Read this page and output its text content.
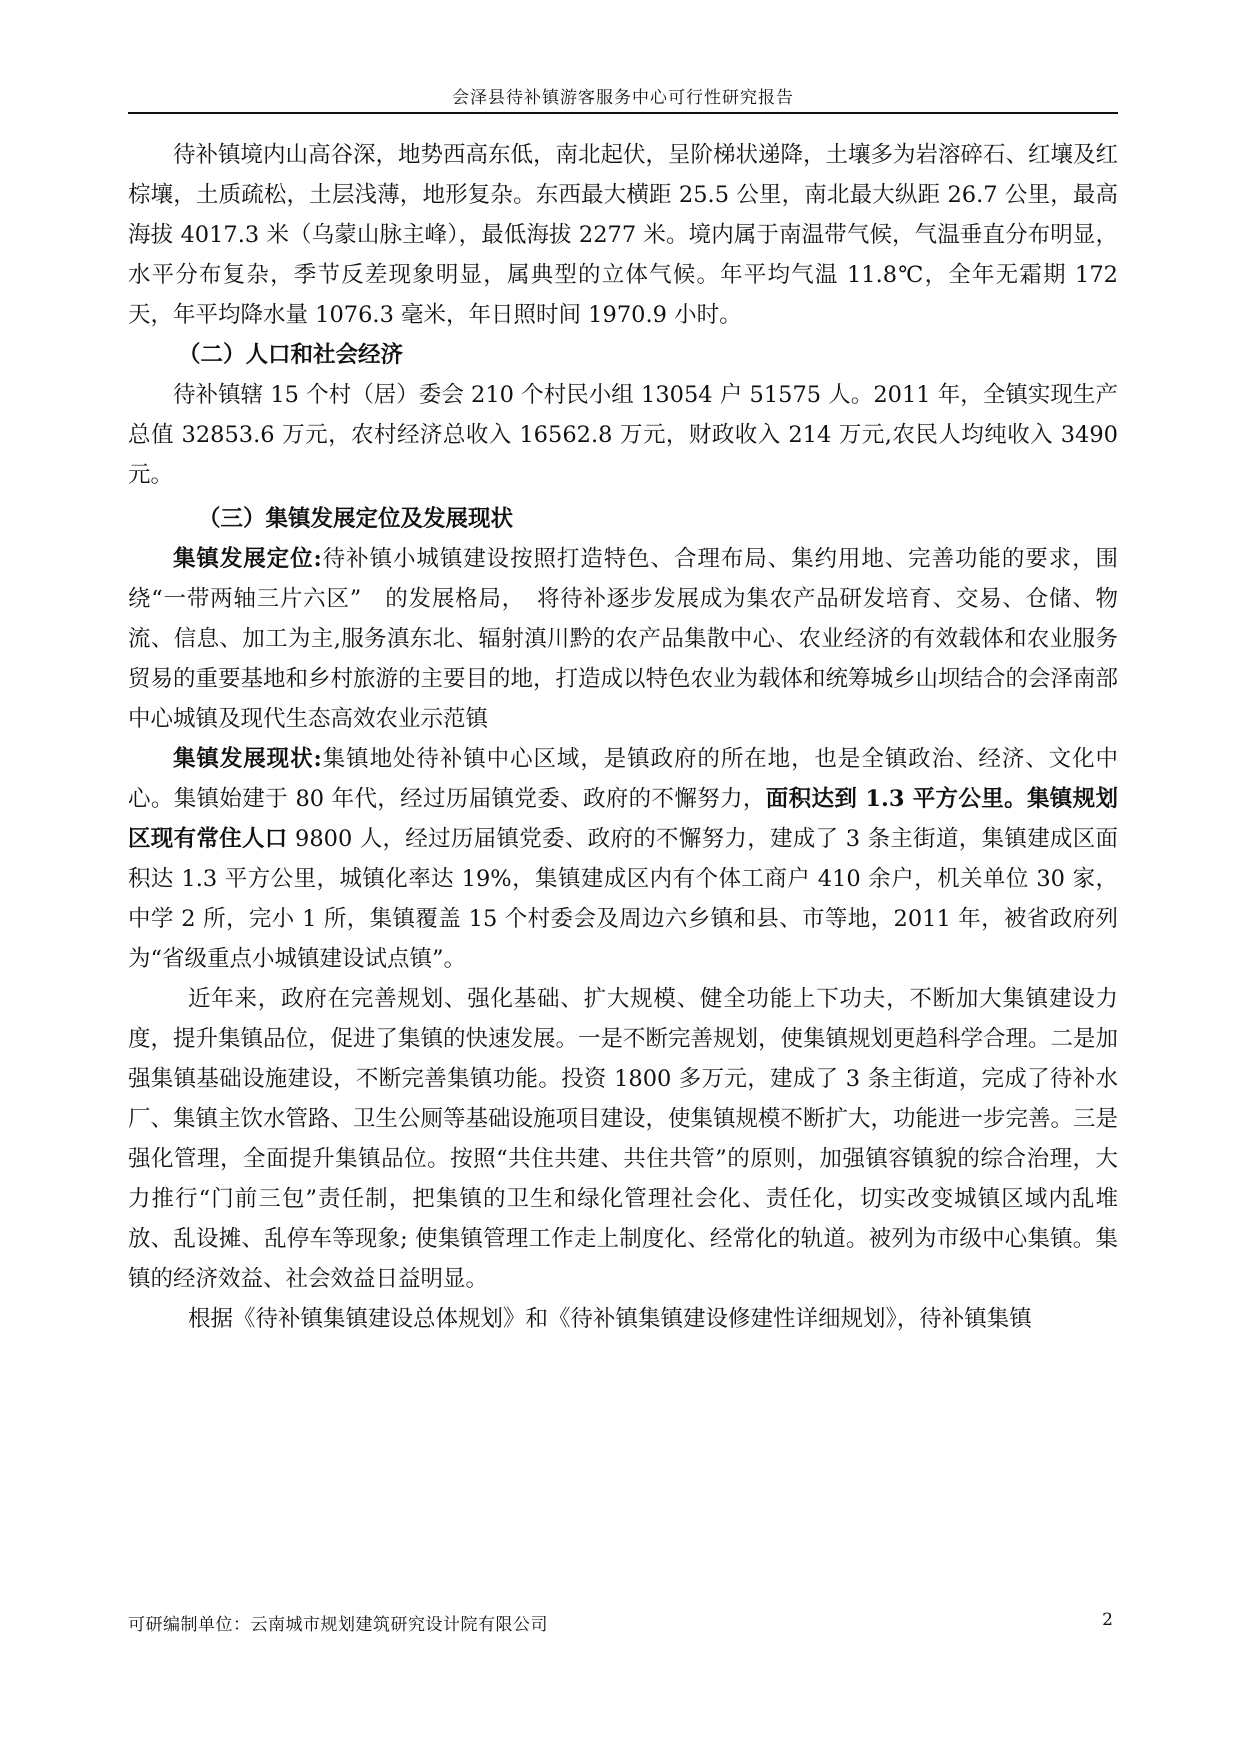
会泽县待补镇游客服务中心可行性研究报告

待补镇境内山高谷深，地势西高东低，南北起伏，呈阶梯状递降，土壤多为岩溶碎石、红壤及红棕壤，土质疏松，土层浅薄，地形复杂。东西最大横距 25.5 公里，南北最大纵距 26.7 公里，最高海拔 4017.3 米（乌蒙山脉主峰），最低海拔 2277 米。境内属于南温带气候，气温垂直分布明显，水平分布复杂，季节反差现象明显，属典型的立体气候。年平均气温 11.8℃，全年无霜期 172 天，年平均降水量 1076.3 毫米，年日照时间 1970.9 小时。

（二）人口和社会经济

待补镇辖 15 个村（居）委会 210 个村民小组 13054 户 51575 人。2011 年，全镇实现生产总值 32853.6 万元，农村经济总收入 16562.8 万元，财政收入 214 万元,农民人均纯收入 3490 元。

（三）集镇发展定位及发展现状

集镇发展定位:待补镇小城镇建设按照打造特色、合理布局、集约用地、完善功能的要求，围绕“一带两轴三片六区”　的发展格局，　将待补逐步发展成为集农产品研发培育、交易、仓储、物流、信息、加工为主,服务滇东北、辐射滇川黔的农产品集散中心、农业经济的有效载体和农业服务贸易的重要基地和乡村旅游的主要目的地，打造成以特色农业为载体和统筹城乡山坝结合的会泽南部中心城镇及现代生态高效农业示范镇

集镇发展现状:集镇地处待补镇中心区域，是镇政府的所在地，也是全镇政治、经济、文化中心。集镇始建于 80 年代，经过历届镇党委、政府的不懈努力，面积达到 1.3 平方公里。集镇规划区现有常住人口 9800 人，经过历届镇党委、政府的不懈努力，建成了 3 条主街道，集镇建成区面积达 1.3 平方公里，城镇化率达 19%，集镇建成区内有个体工商户 410 余户，机关单位 30 家，中学 2 所，完小 1 所，集镇覆盖 15 个村委会及周边六乡镇和县、市等地，2011 年，被省政府列为“省级重点小城镇建设试点镇”。

近年来，政府在完善规划、强化基础、扩大规模、健全功能上下功夫，不断加大集镇建设力度，提升集镇品位，促进了集镇的快速发展。一是不断完善规划，使集镇规划更趋科学合理。二是加强集镇基础设施建设，不断完善集镇功能。投资 1800 多万元，建成了 3 条主街道，完成了待补水厂、集镇主饮水管路、卫生公厕等基础设施项目建设，使集镇规模不断扩大，功能进一步完善。三是强化管理，全面提升集镇品位。按照“共住共建、共住共管”的原则，加强镇容镇貌的综合治理，大力推行“门前三包”责任制，把集镇的卫生和绿化管理社会化、责任化，切实改变城镇区域内乱堆放、乱设摊、乱停车等现象; 使集镇管理工作走上制度化、经常化的轨道。被列为市级中心集镇。集镇的经济效益、社会效益日益明显。

根据《待补镇集镇建设总体规划》和《待补镇集镇建设修建性详细规划》，待补镇集镇

可研编制单位：云南城市规划建筑研究设计院有限公司	2
